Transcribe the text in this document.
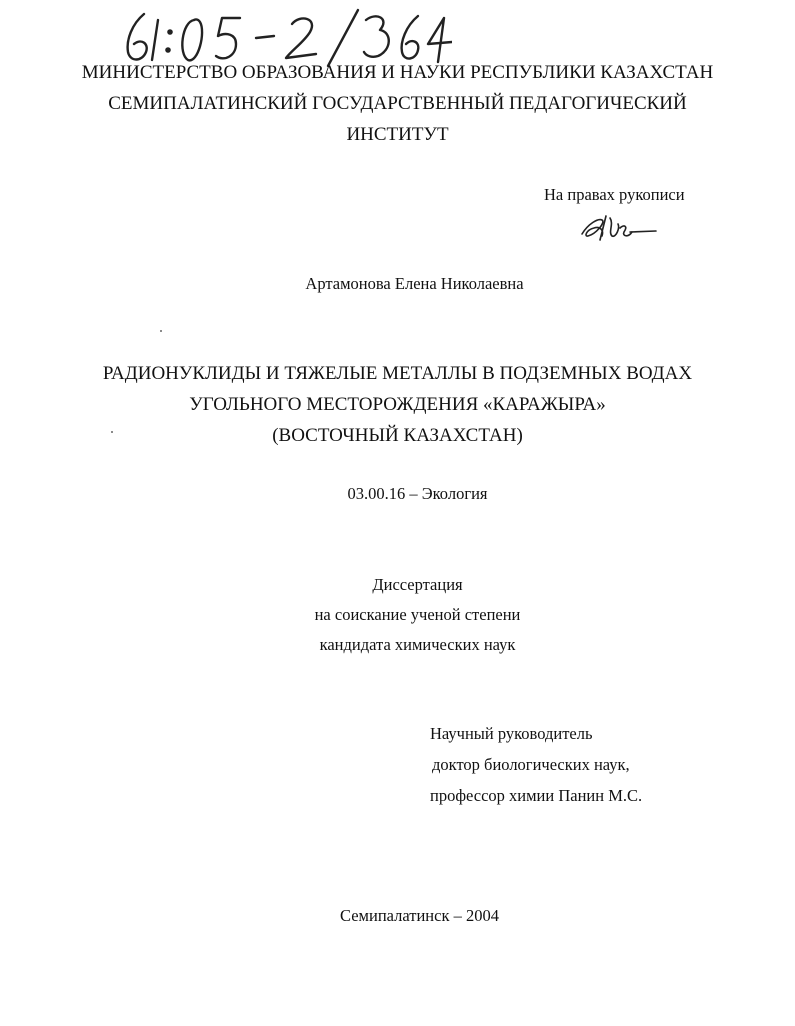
МИНИСТЕРСТВО ОБРАЗОВАНИЯ И НАУКИ РЕСПУБЛИКИ КАЗАХСТАН
СЕМИПАЛАТИНСКИЙ ГОСУДАРСТВЕННЫЙ ПЕДАГОГИЧЕСКИЙ
ИНСТИТУТ
На правах рукописи
Артамонова Елена Николаевна
РАДИОНУКЛИДЫ И ТЯЖЕЛЫЕ МЕТАЛЛЫ В ПОДЗЕМНЫХ ВОДАХ
УГОЛЬНОГО МЕСТОРОЖДЕНИЯ «КАРАЖЫРА»
(ВОСТОЧНЫЙ КАЗАХСТАН)
03.00.16 – Экология
Диссертация
на соискание ученой степени
кандидата химических наук
Научный руководитель
доктор биологических наук,
профессор химии Панин М.С.
Семипалатинск – 2004
